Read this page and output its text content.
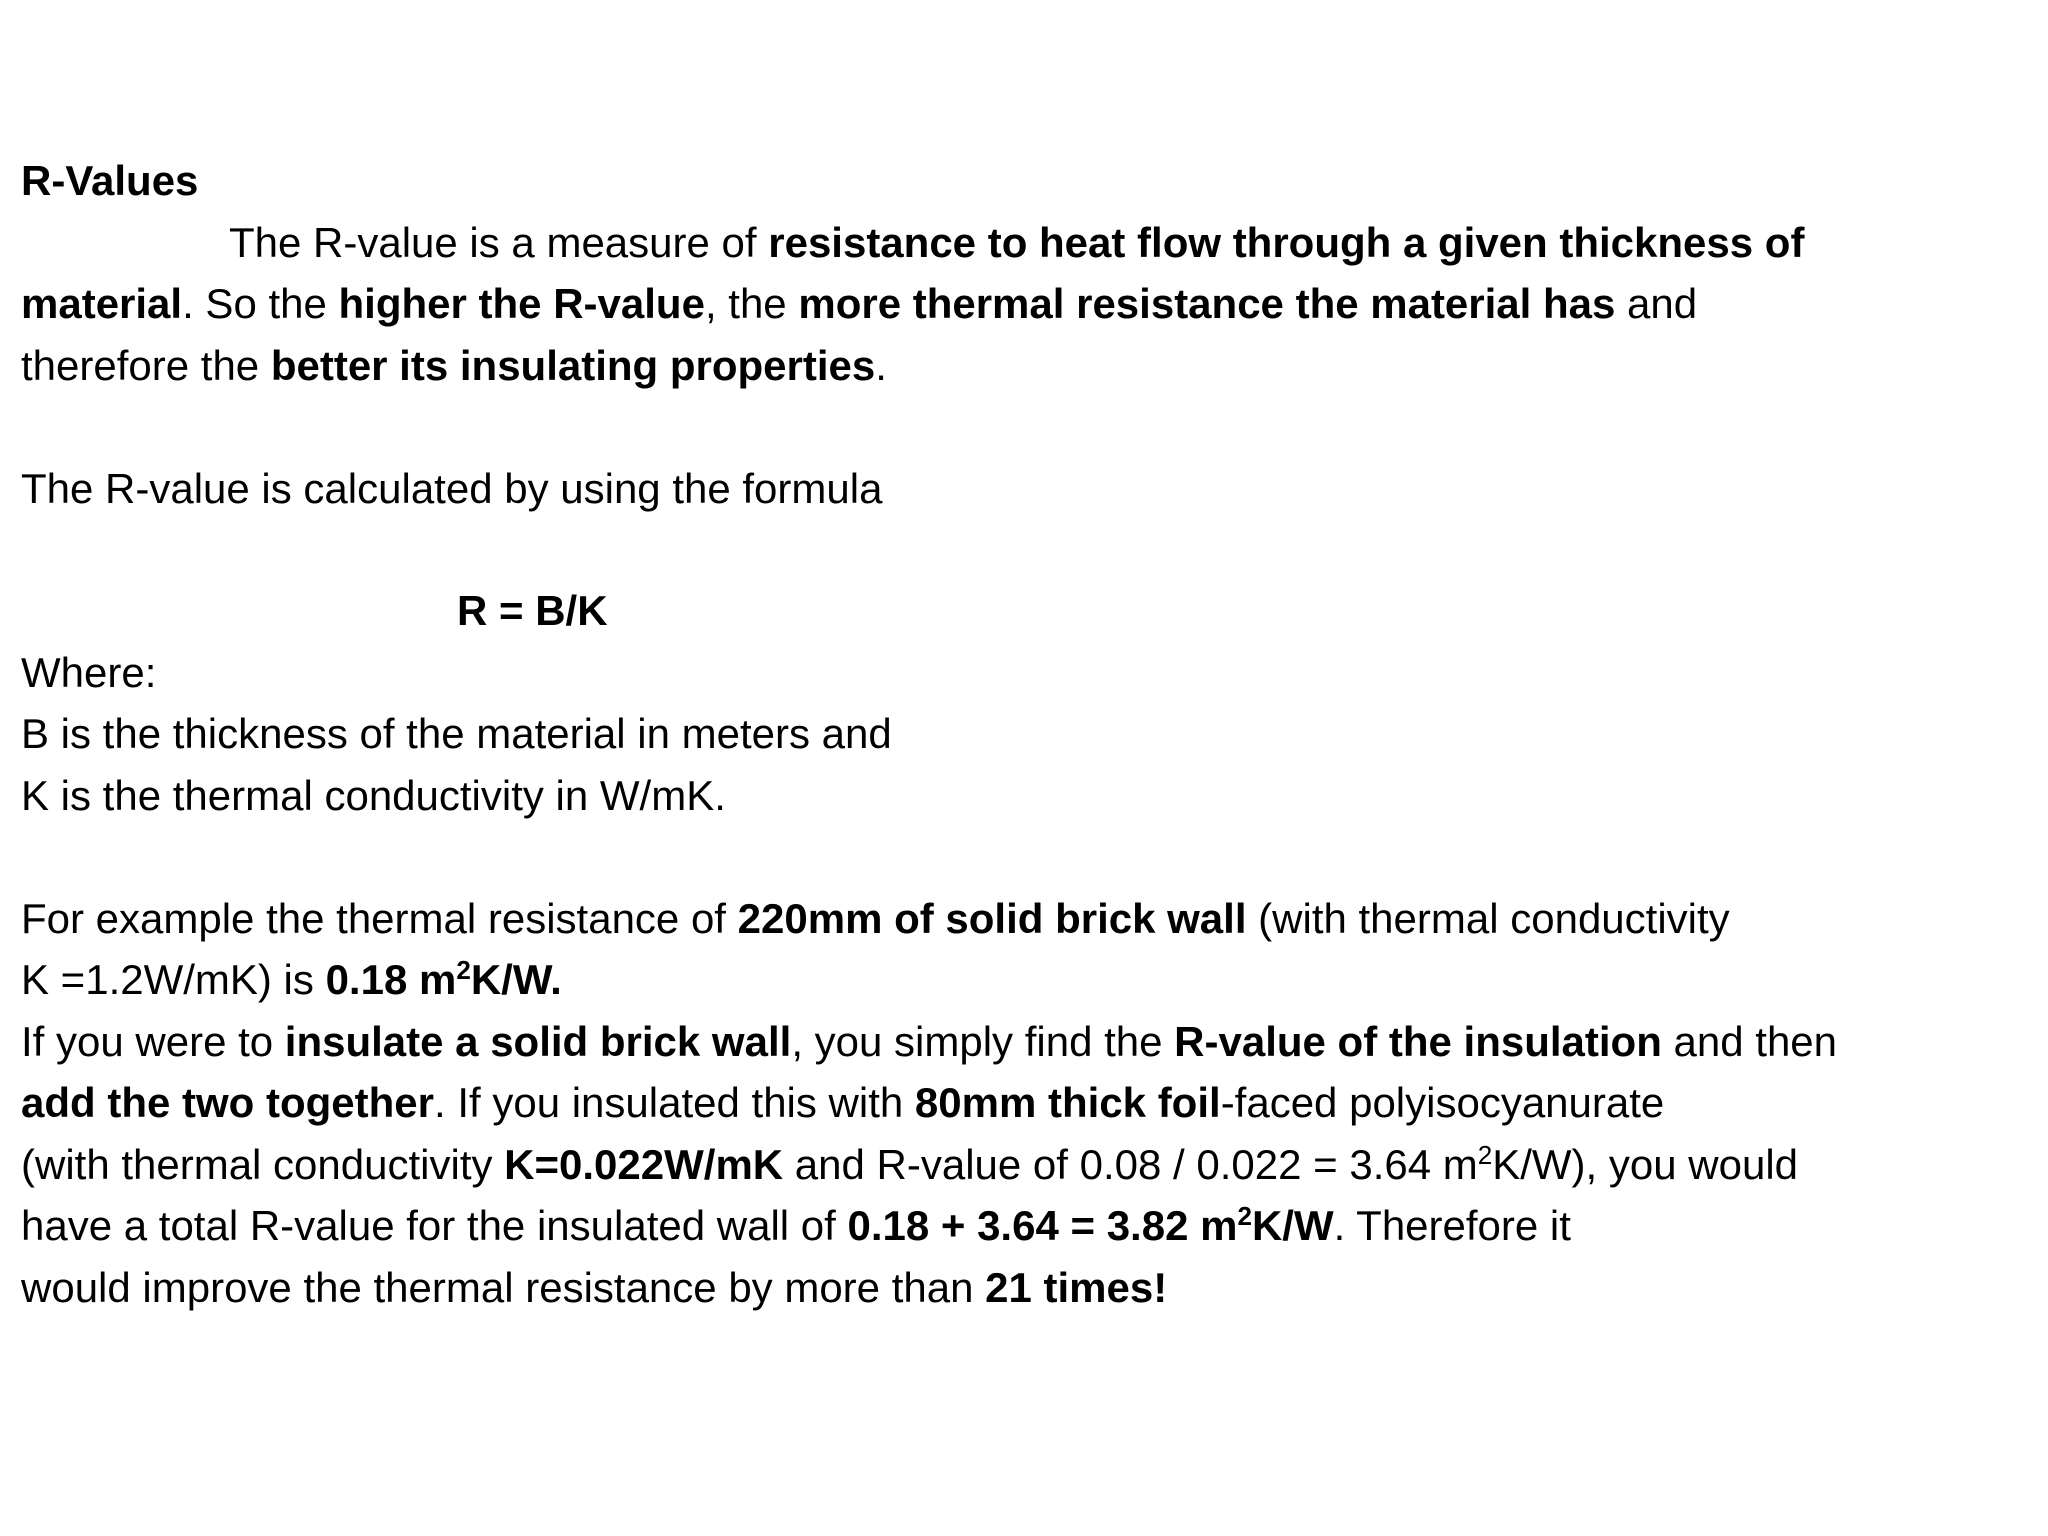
R-Values
The R-value is a measure of resistance to heat flow through a given thickness of
material. So the higher the R-value, the more thermal resistance the material has and
therefore the better its insulating properties.
The R-value is calculated by using the formula
R = B/K
Where:
B is the thickness of the material in meters and
K is the thermal conductivity in W/mK.
For example the thermal resistance of 220mm of solid brick wall (with thermal conductivity
K =1.2W/mK) is 0.18 $m^2K/W$.
If you were to insulate a solid brick wall, you simply find the R-value of the insulation and then
add the two together. If you insulated this with 80mm thick foil-faced polyisocyanurate
(with thermal conductivity K=0.022W/mK and R-value of 0.08 / 0.022 = 3.64 $m^2K/W$), you would
have a total R-value for the insulated wall of 0.18 + 3.64 = 3.82 $m^2K/W$. Therefore it
would improve the thermal resistance by more than 21 times!
